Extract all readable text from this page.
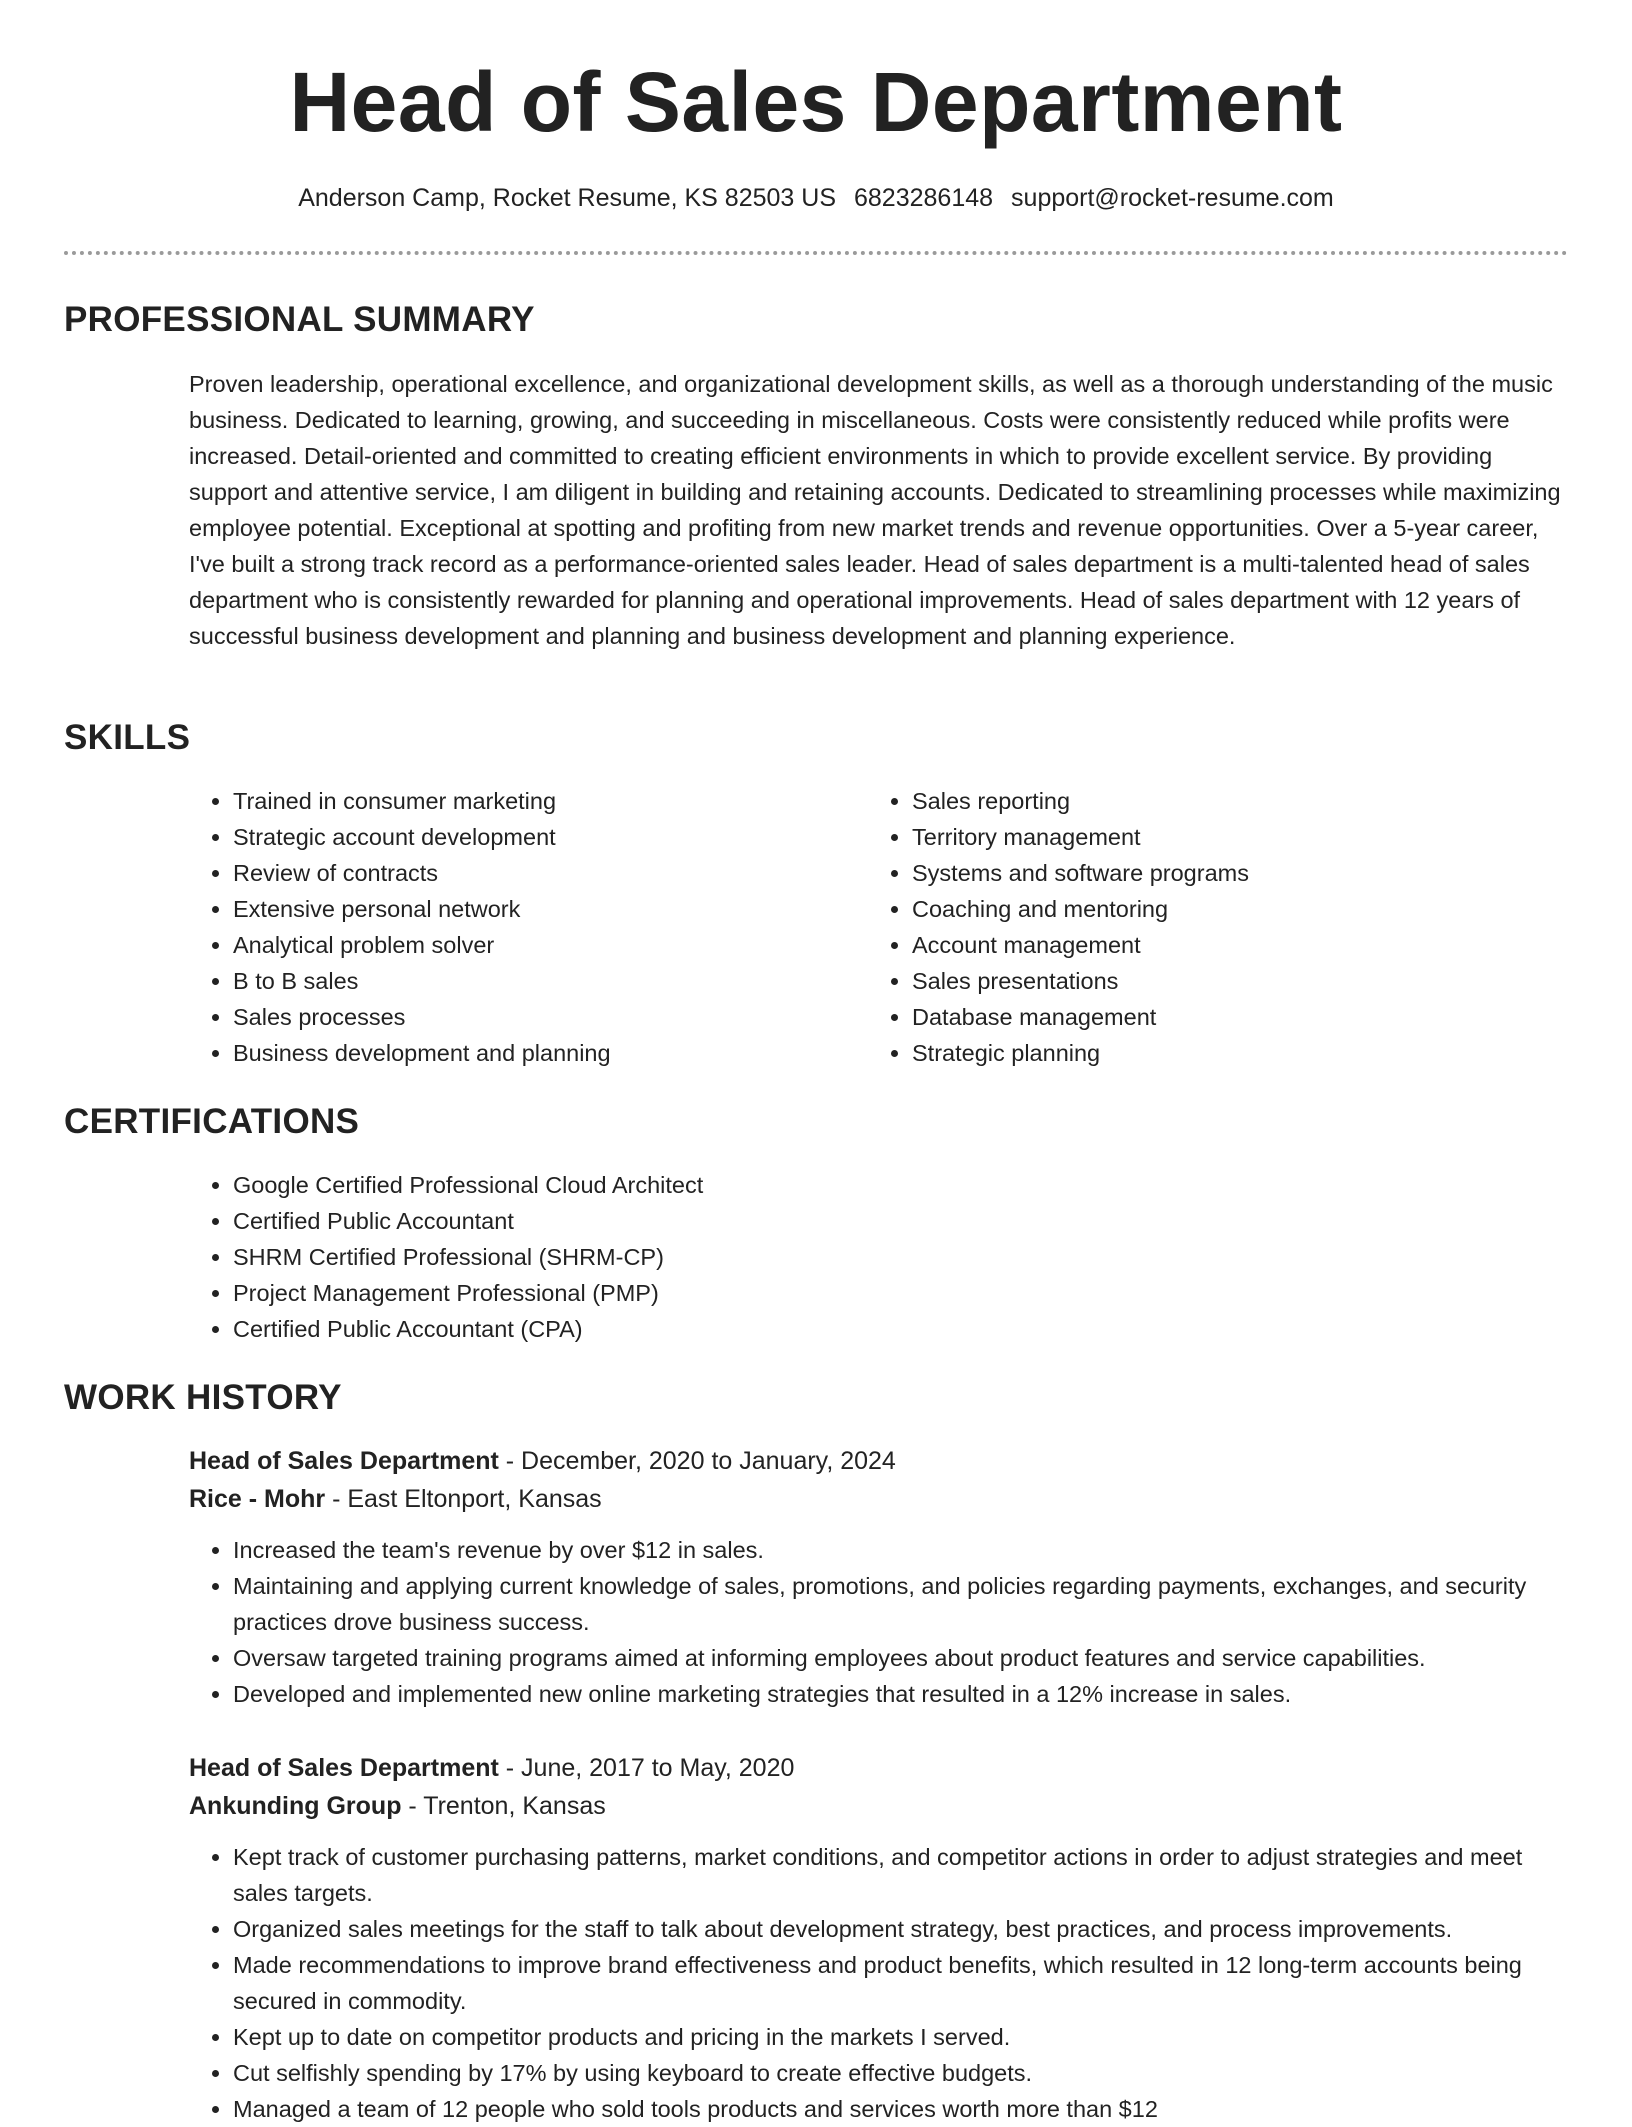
Head of Sales Department
Anderson Camp, Rocket Resume, KS 82503 US 6823286148 support@rocket-resume.com
PROFESSIONAL SUMMARY

Proven leadership, operational excellence, and organizational development skills, as well as a thorough understanding of the music business. Dedicated to learning, growing, and succeeding in miscellaneous. Costs were consistently reduced while profits were increased. Detail-oriented and committed to creating efficient environments in which to provide excellent service. By providing support and attentive service, I am diligent in building and retaining accounts. Dedicated to streamlining processes while maximizing employee potential. Exceptional at spotting and profiting from new market trends and revenue opportunities. Over a 5-year career, I've built a strong track record as a performance-oriented sales leader. Head of sales department is a multi-talented head of sales department who is consistently rewarded for planning and operational improvements. Head of sales department with 12 years of successful business development and planning and business development and planning experience.

SKILLS
• Trained in consumer marketing
• Strategic account development
• Review of contracts
• Extensive personal network
• Analytical problem solver
• B to B sales
• Sales processes
• Business development and planning
• Sales reporting
• Territory management
• Systems and software programs
• Coaching and mentoring
• Account management
• Sales presentations
• Database management
• Strategic planning
CERTIFICATIONS
• Google Certified Professional Cloud Architect
• Certified Public Accountant
• SHRM Certified Professional (SHRM-CP)
• Project Management Professional (PMP)
• Certified Public Accountant (CPA)
WORK HISTORY
Head of Sales Department - December, 2020 to January, 2024
Rice - Mohr - East Eltonport, Kansas
• Increased the team's revenue by over $12 in sales.
• Maintaining and applying current knowledge of sales, promotions, and policies regarding payments, exchanges, and security practices drove business success.
• Oversaw targeted training programs aimed at informing employees about product features and service capabilities.
• Developed and implemented new online marketing strategies that resulted in a 12% increase in sales.
Head of Sales Department - June, 2017 to May, 2020
Ankunding Group - Trenton, Kansas
• Kept track of customer purchasing patterns, market conditions, and competitor actions in order to adjust strategies and meet sales targets.
• Organized sales meetings for the staff to talk about development strategy, best practices, and process improvements.
• Made recommendations to improve brand effectiveness and product benefits, which resulted in 12 long-term accounts being secured in commodity.
• Kept up to date on competitor products and pricing in the markets I served.
• Cut selfishly spending by 17% by using keyboard to create effective budgets.
• Managed a team of 12 people who sold tools products and services worth more than $12
